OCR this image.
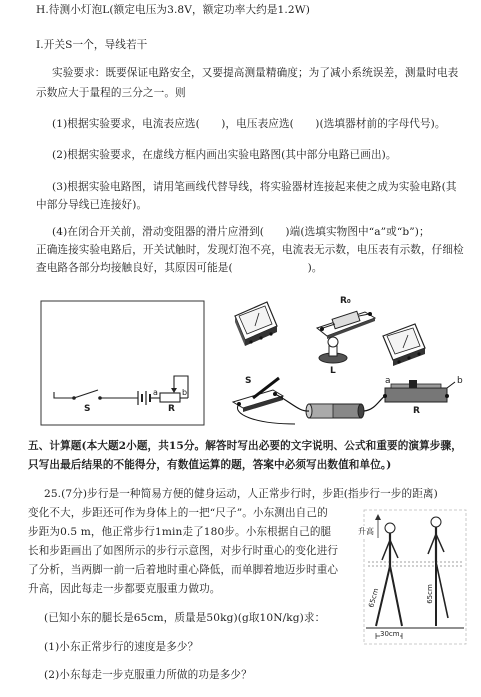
H.待测小灯泡L(额定电压为3.8V，额定功率大约是1.2W)
I.开关S一个，导线若干
实验要求：既要保证电路安全，又要提高测量精确度；为了减小系统误差，测量时电表
示数应大于量程的三分之一。则
(1)根据实验要求，电流表应选(　　)，电压表应选(　　)(选填器材前的字母代号)。
(2)根据实验要求，在虚线方框内画出实验电路图(其中部分电路已画出)。
(3)根据实验电路图，请用笔画线代替导线，将实验器材连接起来使之成为实验电路(其
中部分导线已连接好)。
(4)在闭合开关前，滑动变阻器的滑片应滑到(　　)端(选填实物图中“a”或“b”)；
正确连接实验电路后，开关试触时，发现灯泡不亮，电流表无示数，电压表有示数，仔细检
查电路各部分均接触良好，其原因可能是(　　　　　　　)。
S	R
a	b
R₀
L
S
R
a	b
五、计算题(本大题2小题，共15分。解答时写出必要的文字说明、公式和重要的演算步骤，
只写出最后结果的不能得分，有数值运算的题，答案中必须写出数值和单位。)
25.(7分)步行是一种简易方便的健身运动，人正常步行时，步距(指步行一步的距离)
变化不大，步距还可作为身体上的一把“尺子”。小东测出自己的
步距为0.5 m，他正常步行1min走了180步。小东根据自己的腿
长和步距画出了如图所示的步行示意图，对步行时重心的变化进行
了分析，当两脚一前一后着地时重心降低，而单脚着地迈步时重心
升高，因此每走一步都要克服重力做功。
升高
65cm	65cm
30cm
(已知小东的腿长是65cm，质量是50kg)(g取10N/kg)求：
(1)小东正常步行的速度是多少？
(2)小东每走一步克服重力所做的功是多少？
